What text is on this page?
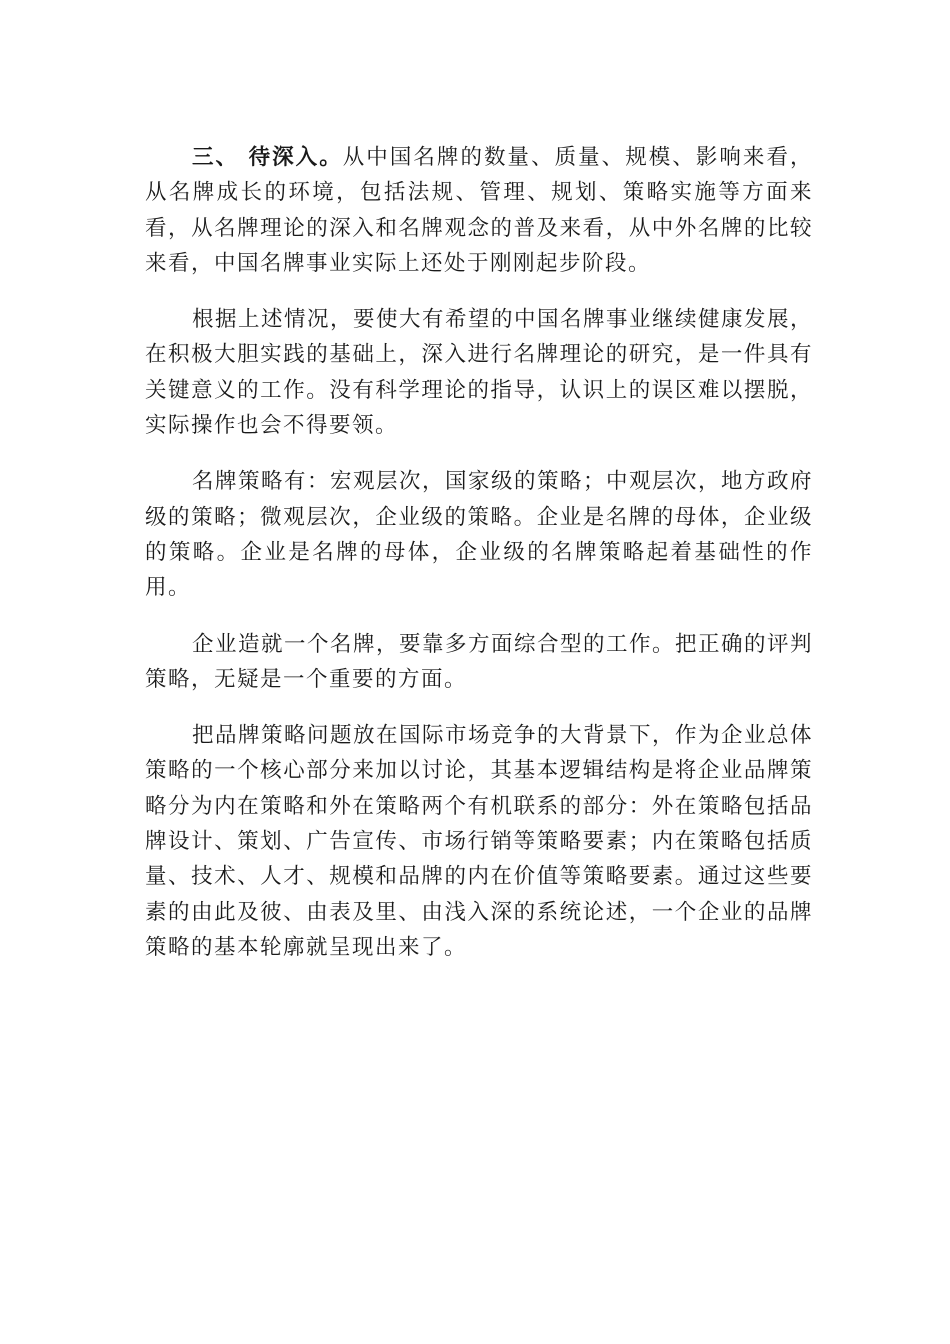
三、 待深入。从中国名牌的数量、质量、规模、影响来看，从名牌成长的环境，包括法规、管理、规划、策略实施等方面来看，从名牌理论的深入和名牌观念的普及来看，从中外名牌的比较来看，中国名牌事业实际上还处于刚刚起步阶段。

根据上述情况，要使大有希望的中国名牌事业继续健康发展，在积极大胆实践的基础上，深入进行名牌理论的研究，是一件具有关键意义的工作。没有科学理论的指导，认识上的误区难以摆脱，实际操作也会不得要领。

名牌策略有：宏观层次，国家级的策略；中观层次，地方政府级的策略；微观层次，企业级的策略。企业是名牌的母体，企业级的策略。企业是名牌的母体，企业级的名牌策略起着基础性的作用。

企业造就一个名牌，要靠多方面综合型的工作。把正确的评判策略，无疑是一个重要的方面。

把品牌策略问题放在国际市场竞争的大背景下，作为企业总体策略的一个核心部分来加以讨论，其基本逻辑结构是将企业品牌策略分为内在策略和外在策略两个有机联系的部分：外在策略包括品牌设计、策划、广告宣传、市场行销等策略要素；内在策略包括质量、技术、人才、规模和品牌的内在价值等策略要素。通过这些要素的由此及彼、由表及里、由浅入深的系统论述，一个企业的品牌策略的基本轮廓就呈现出来了。
